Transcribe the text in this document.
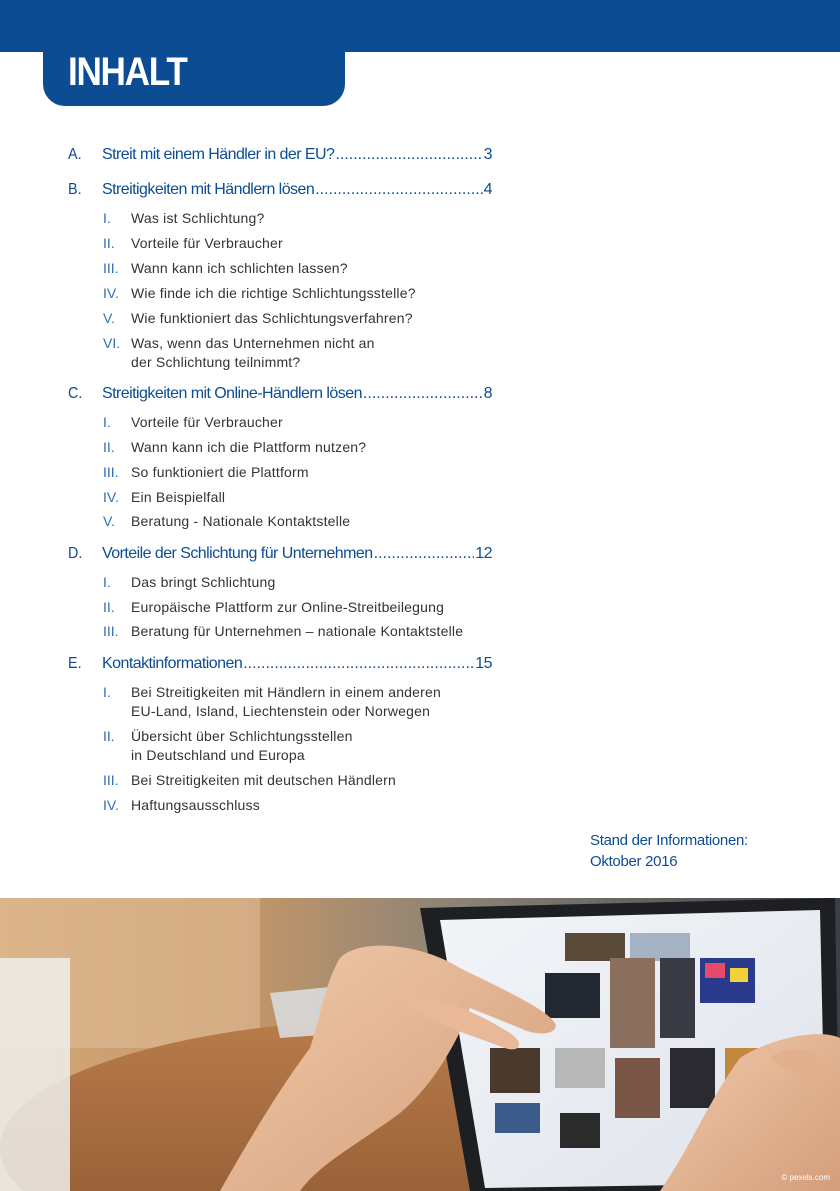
INHALT
A.	Streit mit einem Händler in der EU? .....	3
B.	Streitigkeiten mit Händlern lösen .....	4
I.	Was ist Schlichtung?
II.	Vorteile für Verbraucher
III. Wann kann ich schlichten lassen?
IV. Wie finde ich die richtige Schlichtungsstelle?
V.	Wie funktioniert das Schlichtungsverfahren?
VI. Was, wenn das Unternehmen nicht an
der Schlichtung teilnimmt?
C.	Streitigkeiten mit Online-Händlern lösen .....	8
I.	Vorteile für Verbraucher
II.	Wann kann ich die Plattform nutzen?
III. So funktioniert die Plattform
IV. Ein Beispielfall
V.	Beratung - Nationale Kontaktstelle
D.	Vorteile der Schlichtung für Unternehmen .....	12
I.	Das bringt Schlichtung
II.	Europäische Plattform zur Online-Streitbeilegung
III. Beratung für Unternehmen – nationale Kontaktstelle
E.	Kontaktinformationen .....	15
I.	Bei Streitigkeiten mit Händlern in einem anderen
EU-Land, Island, Liechtenstein oder Norwegen
II.	Übersicht über Schlichtungsstellen
in Deutschland und Europa
III. Bei Streitigkeiten mit deutschen Händlern
IV. Haftungsausschluss
Stand der Informationen:
Oktober 2016
© pexels.com
